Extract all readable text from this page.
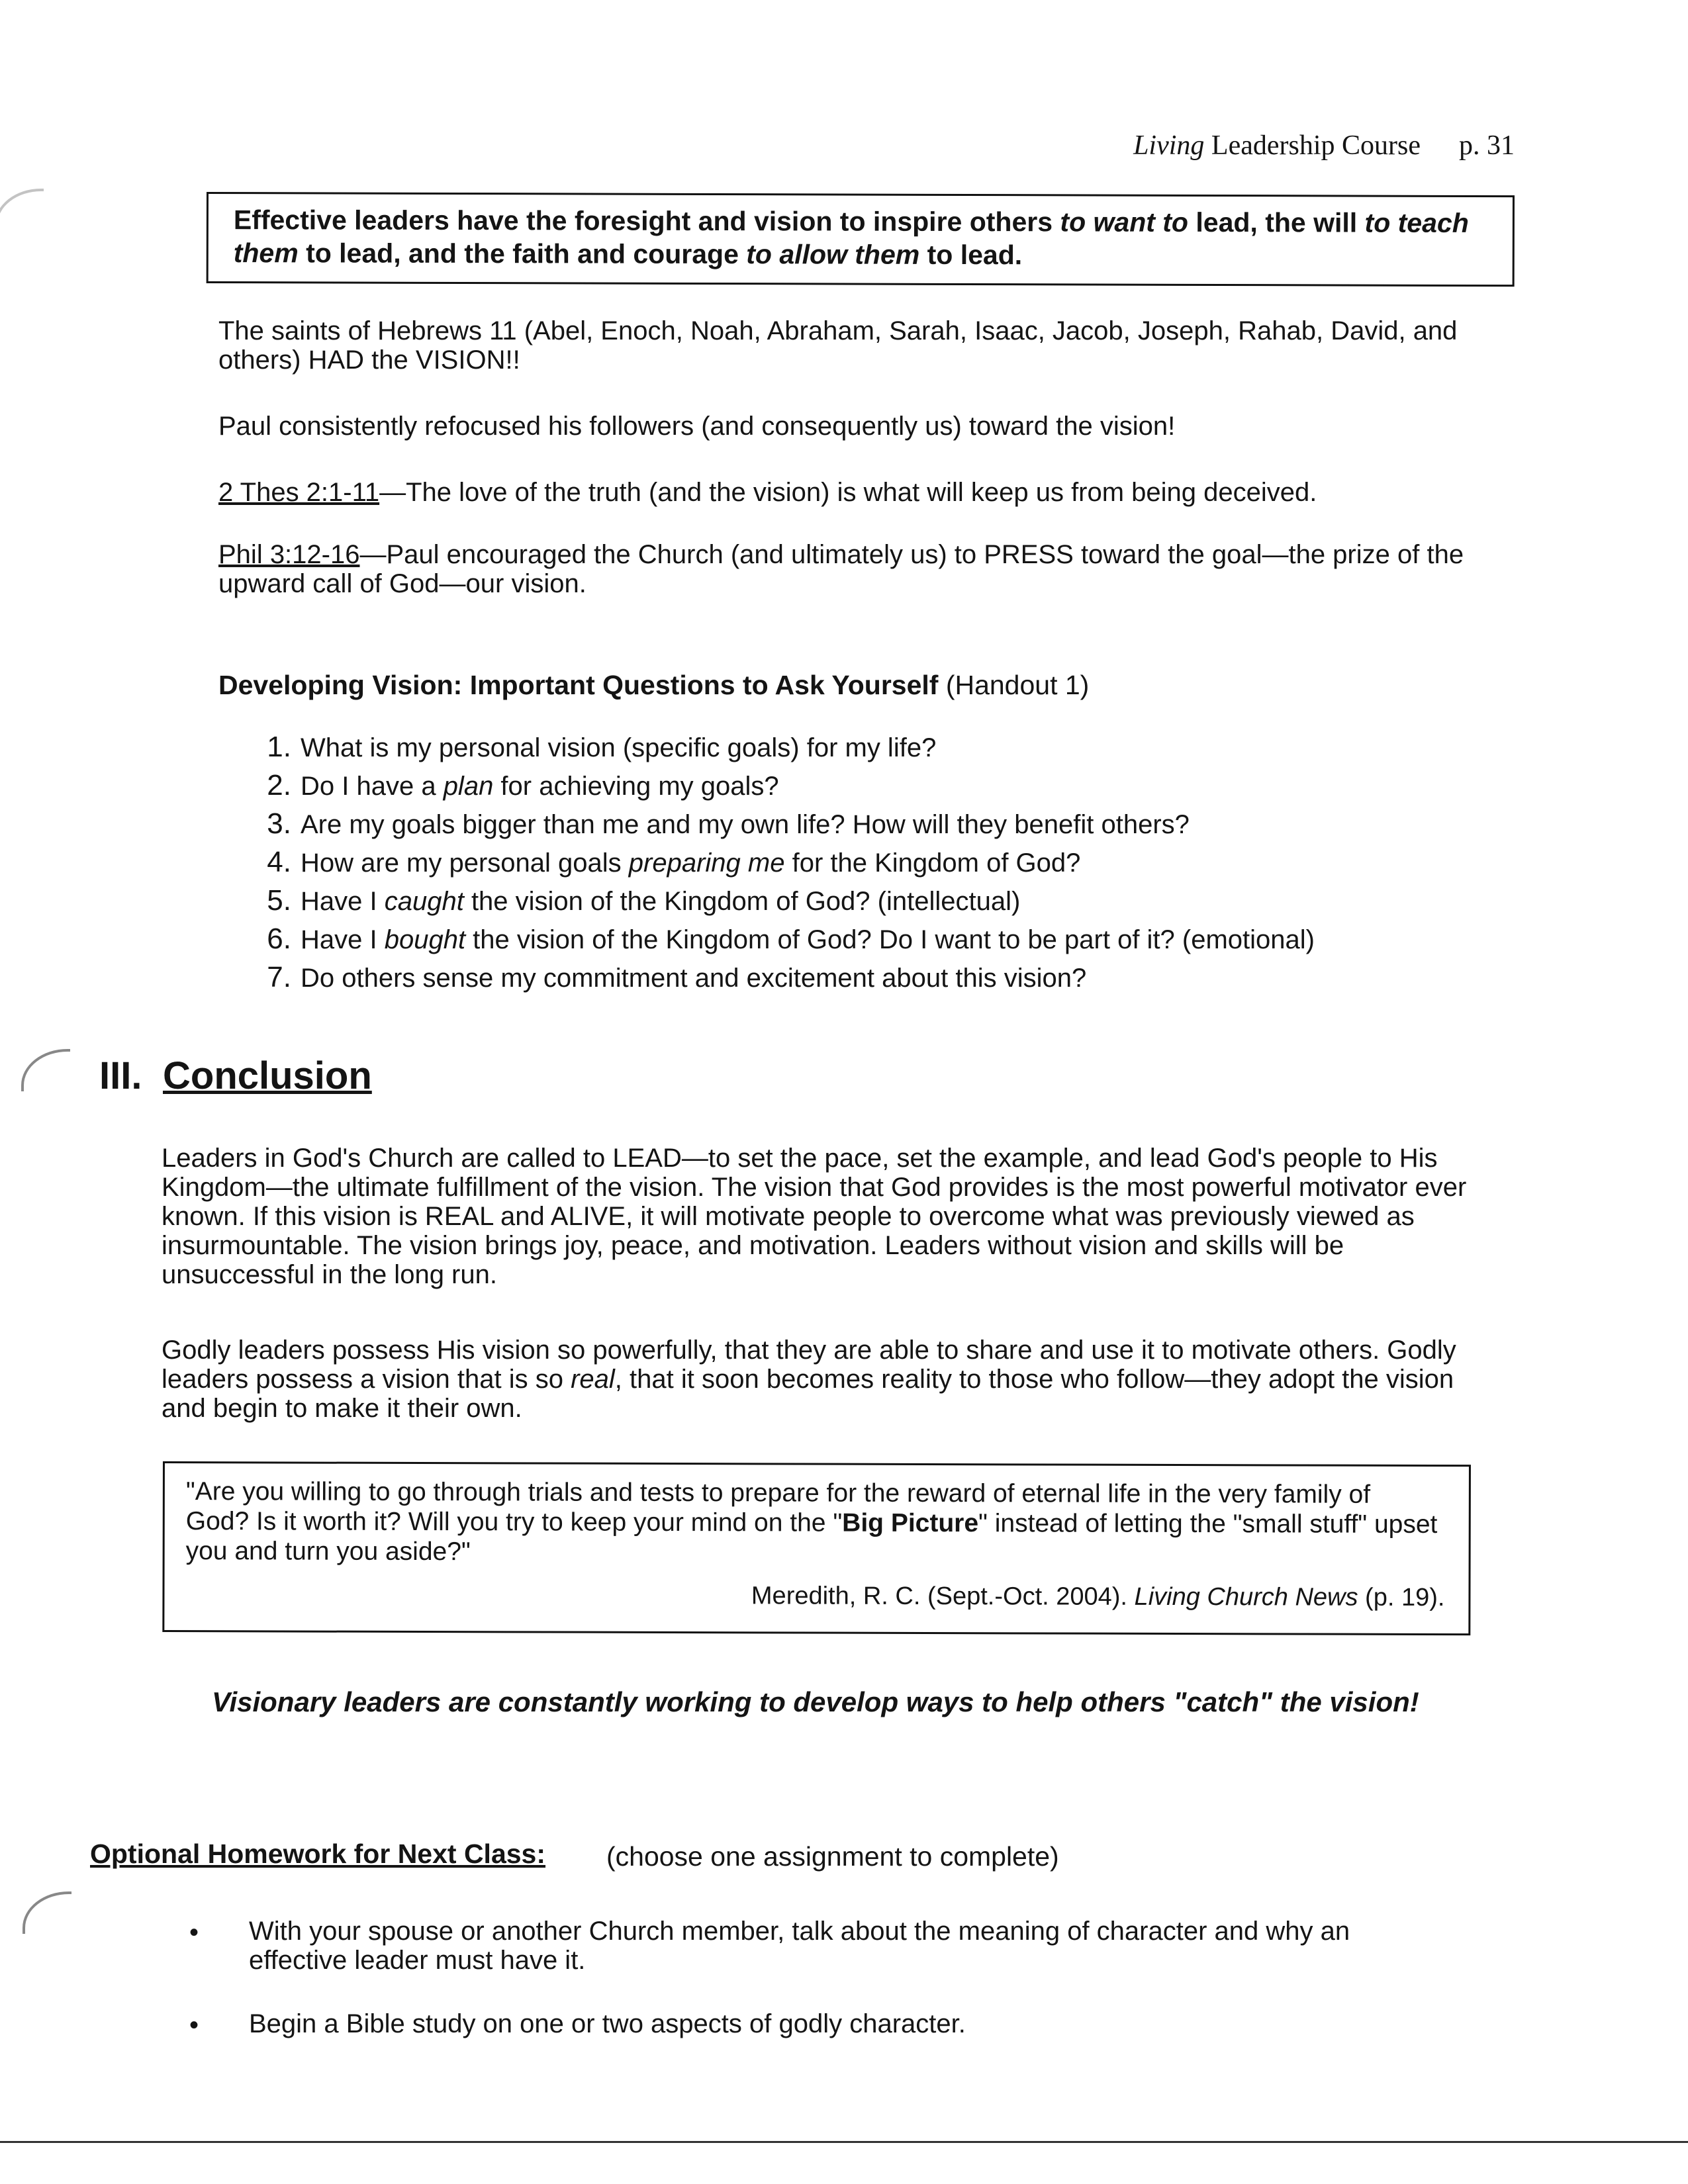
Living Leadership Course p. 31
Effective leaders have the foresight and vision to inspire others to want to lead, the will to teach them to lead, and the faith and courage to allow them to lead.
The saints of Hebrews 11 (Abel, Enoch, Noah, Abraham, Sarah, Isaac, Jacob, Joseph, Rahab, David, and others) HAD the VISION!!
Paul consistently refocused his followers (and consequently us) toward the vision!
2 Thes 2:1-11—The love of the truth (and the vision) is what will keep us from being deceived.
Phil 3:12-16—Paul encouraged the Church (and ultimately us) to PRESS toward the goal—the prize of the upward call of God—our vision.
Developing Vision: Important Questions to Ask Yourself (Handout 1)
1. What is my personal vision (specific goals) for my life?
2. Do I have a plan for achieving my goals?
3. Are my goals bigger than me and my own life? How will they benefit others?
4. How are my personal goals preparing me for the Kingdom of God?
5. Have I caught the vision of the Kingdom of God? (intellectual)
6. Have I bought the vision of the Kingdom of God? Do I want to be part of it? (emotional)
7. Do others sense my commitment and excitement about this vision?
III. Conclusion
Leaders in God's Church are called to LEAD—to set the pace, set the example, and lead God's people to His Kingdom—the ultimate fulfillment of the vision. The vision that God provides is the most powerful motivator ever known. If this vision is REAL and ALIVE, it will motivate people to overcome what was previously viewed as insurmountable. The vision brings joy, peace, and motivation. Leaders without vision and skills will be unsuccessful in the long run.
Godly leaders possess His vision so powerfully, that they are able to share and use it to motivate others. Godly leaders possess a vision that is so real, that it soon becomes reality to those who follow—they adopt the vision and begin to make it their own.
"Are you willing to go through trials and tests to prepare for the reward of eternal life in the very family of God? Is it worth it? Will you try to keep your mind on the "Big Picture" instead of letting the "small stuff" upset you and turn you aside?"
Meredith, R. C. (Sept.-Oct. 2004). Living Church News (p. 19).
Visionary leaders are constantly working to develop ways to help others "catch" the vision!
Optional Homework for Next Class: (choose one assignment to complete)
• With your spouse or another Church member, talk about the meaning of character and why an effective leader must have it.
• Begin a Bible study on one or two aspects of godly character.
